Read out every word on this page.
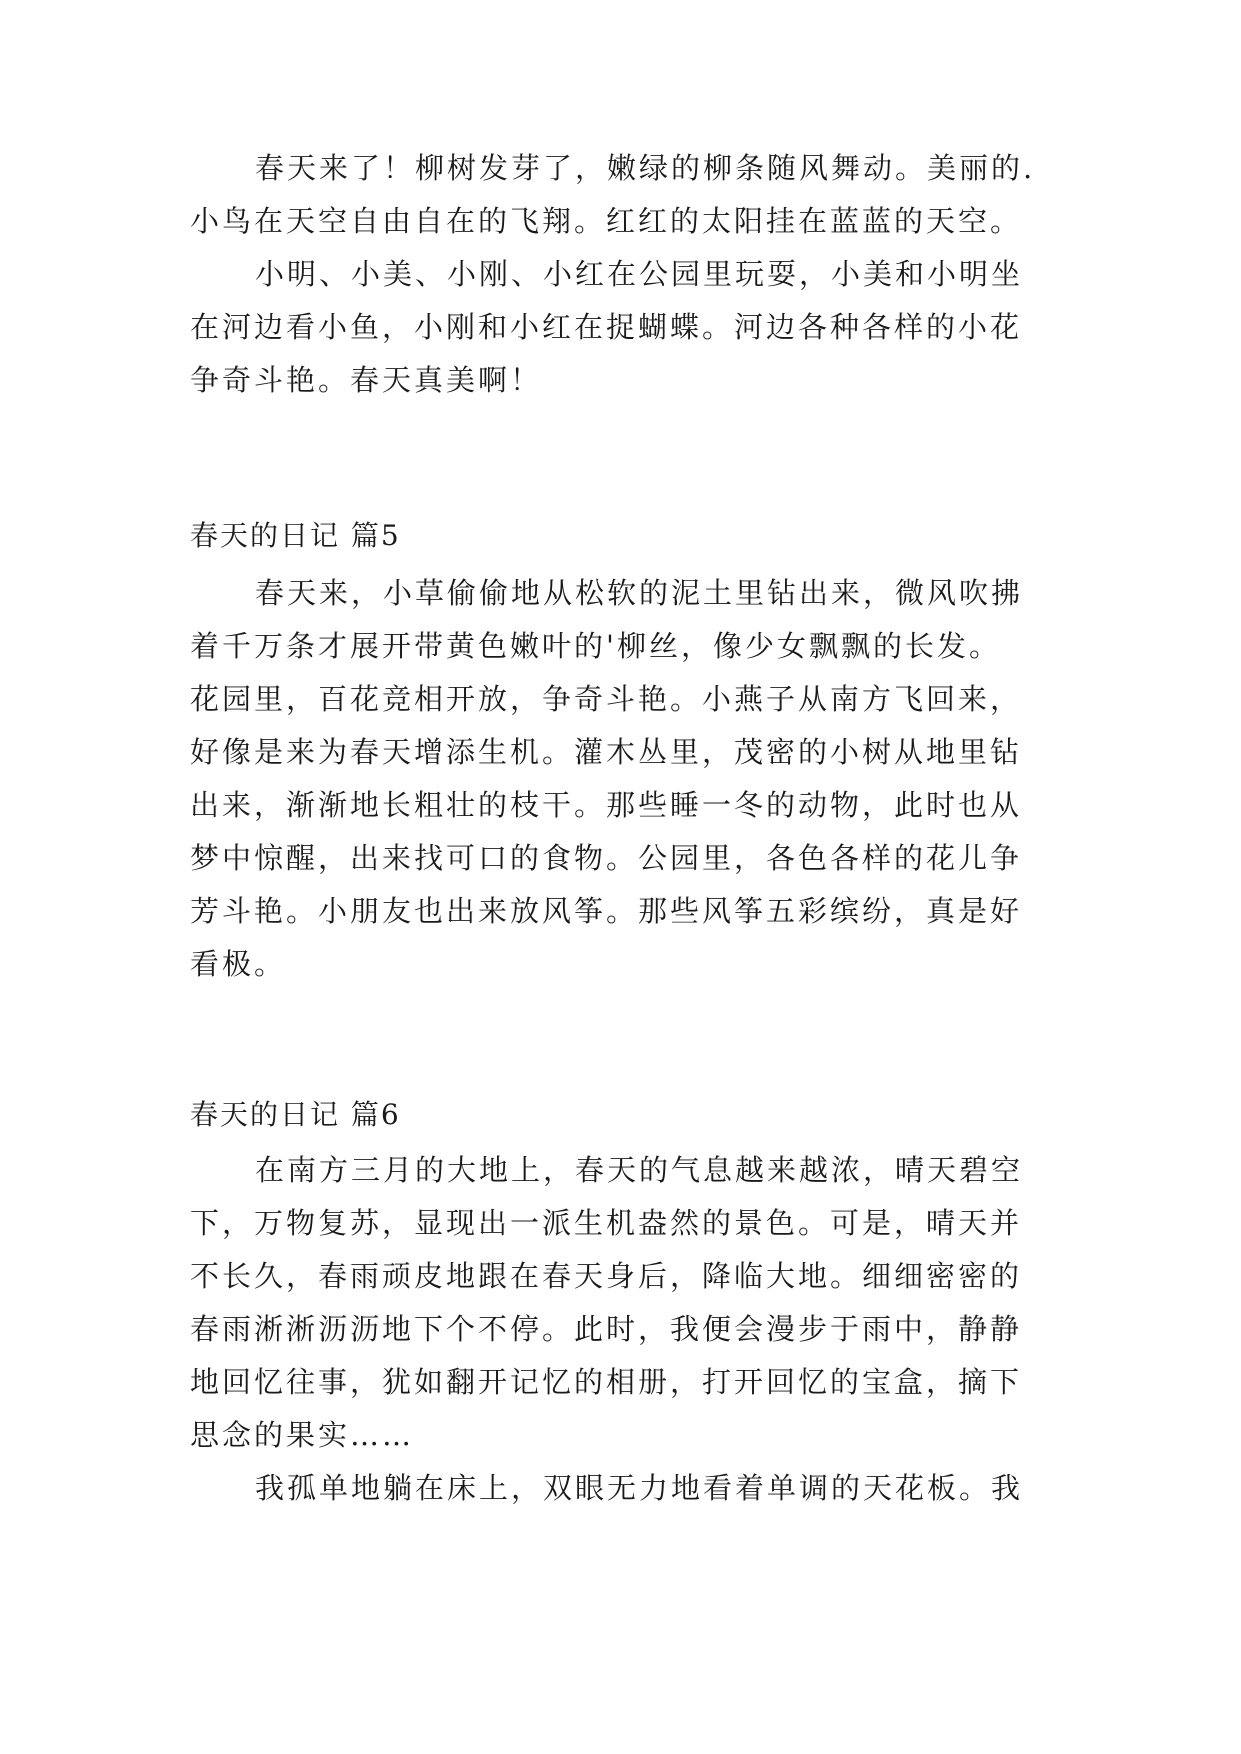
春天来了！柳树发芽了，嫩绿的柳条随风舞动。美丽的.
小鸟在天空自由自在的飞翔。红红的太阳挂在蓝蓝的天空。
小明、小美、小刚、小红在公园里玩耍，小美和小明坐
在河边看小鱼，小刚和小红在捉蝴蝶。河边各种各样的小花
争奇斗艳。春天真美啊！
春天的日记 篇5
春天来，小草偷偷地从松软的泥土里钻出来，微风吹拂
着千万条才展开带黄色嫩叶的'柳丝，像少女飘飘的长发。
花园里，百花竞相开放，争奇斗艳。小燕子从南方飞回来，
好像是来为春天增添生机。灌木丛里，茂密的小树从地里钻
出来，渐渐地长粗壮的枝干。那些睡一冬的动物，此时也从
梦中惊醒，出来找可口的食物。公园里，各色各样的花儿争
芳斗艳。小朋友也出来放风筝。那些风筝五彩缤纷，真是好
看极。
春天的日记 篇6
在南方三月的大地上，春天的气息越来越浓，晴天碧空
下，万物复苏，显现出一派生机盎然的景色。可是，晴天并
不长久，春雨顽皮地跟在春天身后，降临大地。细细密密的
春雨淅淅沥沥地下个不停。此时，我便会漫步于雨中，静静
地回忆往事，犹如翻开记忆的相册，打开回忆的宝盒，摘下
思念的果实……
我孤单地躺在床上，双眼无力地看着单调的天花板。我
